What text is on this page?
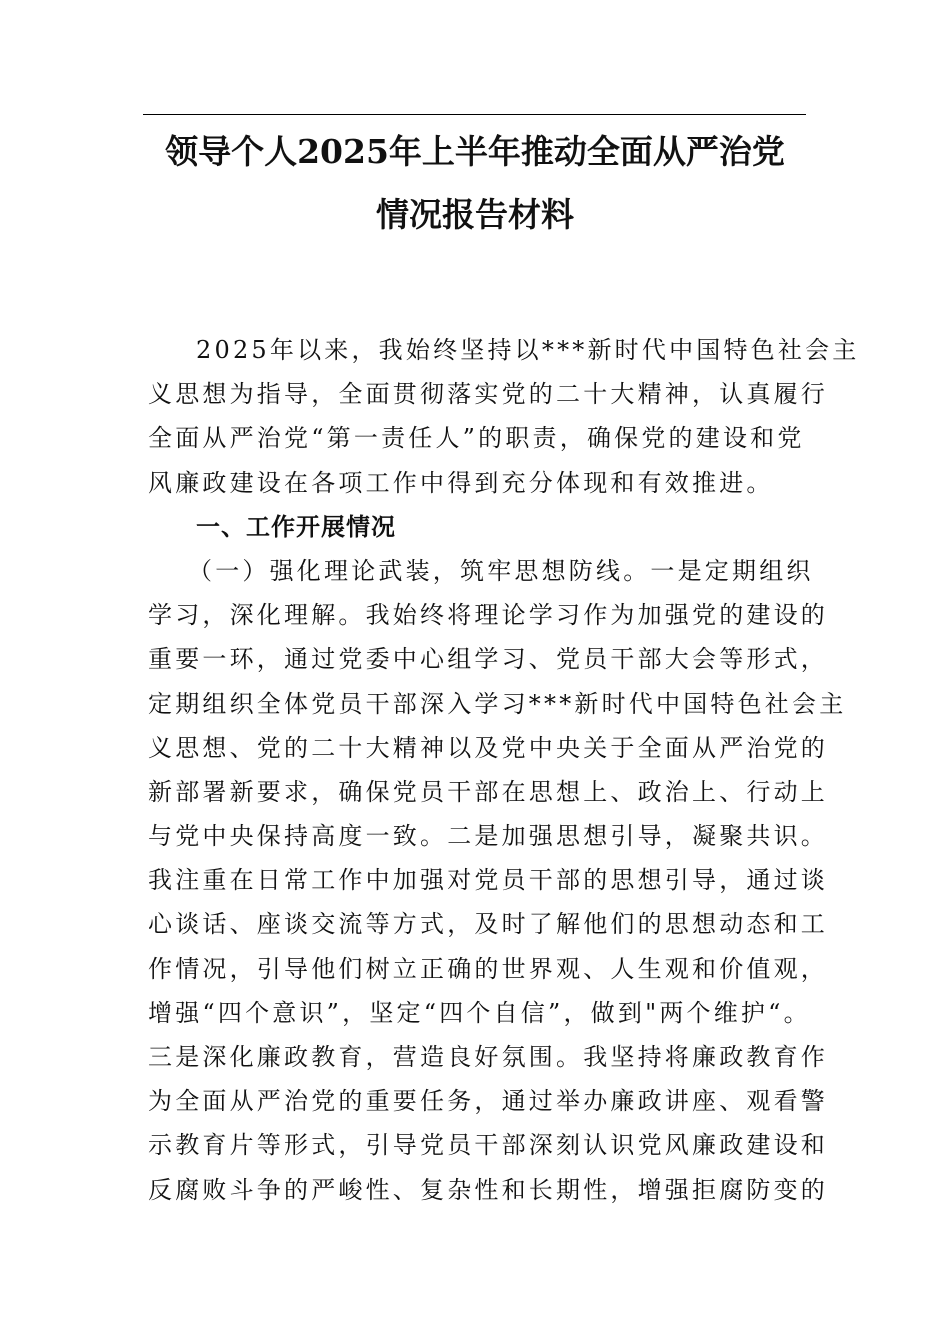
领导个人2025年上半年推动全面从严治党
情况报告材料
2025年以来，我始终坚持以***新时代中国特色社会主
义思想为指导，全面贯彻落实党的二十大精神，认真履行
全面从严治党“第一责任人”的职责，确保党的建设和党
风廉政建设在各项工作中得到充分体现和有效推进。
一、工作开展情况
（一）强化理论武装，筑牢思想防线。一是定期组织
学习，深化理解。我始终将理论学习作为加强党的建设的
重要一环，通过党委中心组学习、党员干部大会等形式，
定期组织全体党员干部深入学习***新时代中国特色社会主
义思想、党的二十大精神以及党中央关于全面从严治党的
新部署新要求，确保党员干部在思想上、政治上、行动上
与党中央保持高度一致。二是加强思想引导，凝聚共识。
我注重在日常工作中加强对党员干部的思想引导，通过谈
心谈话、座谈交流等方式，及时了解他们的思想动态和工
作情况，引导他们树立正确的世界观、人生观和价值观，
增强“四个意识”，坚定“四个自信”，做到"两个维护“。
三是深化廉政教育，营造良好氛围。我坚持将廉政教育作
为全面从严治党的重要任务，通过举办廉政讲座、观看警
示教育片等形式，引导党员干部深刻认识党风廉政建设和
反腐败斗争的严峻性、复杂性和长期性，增强拒腐防变的
